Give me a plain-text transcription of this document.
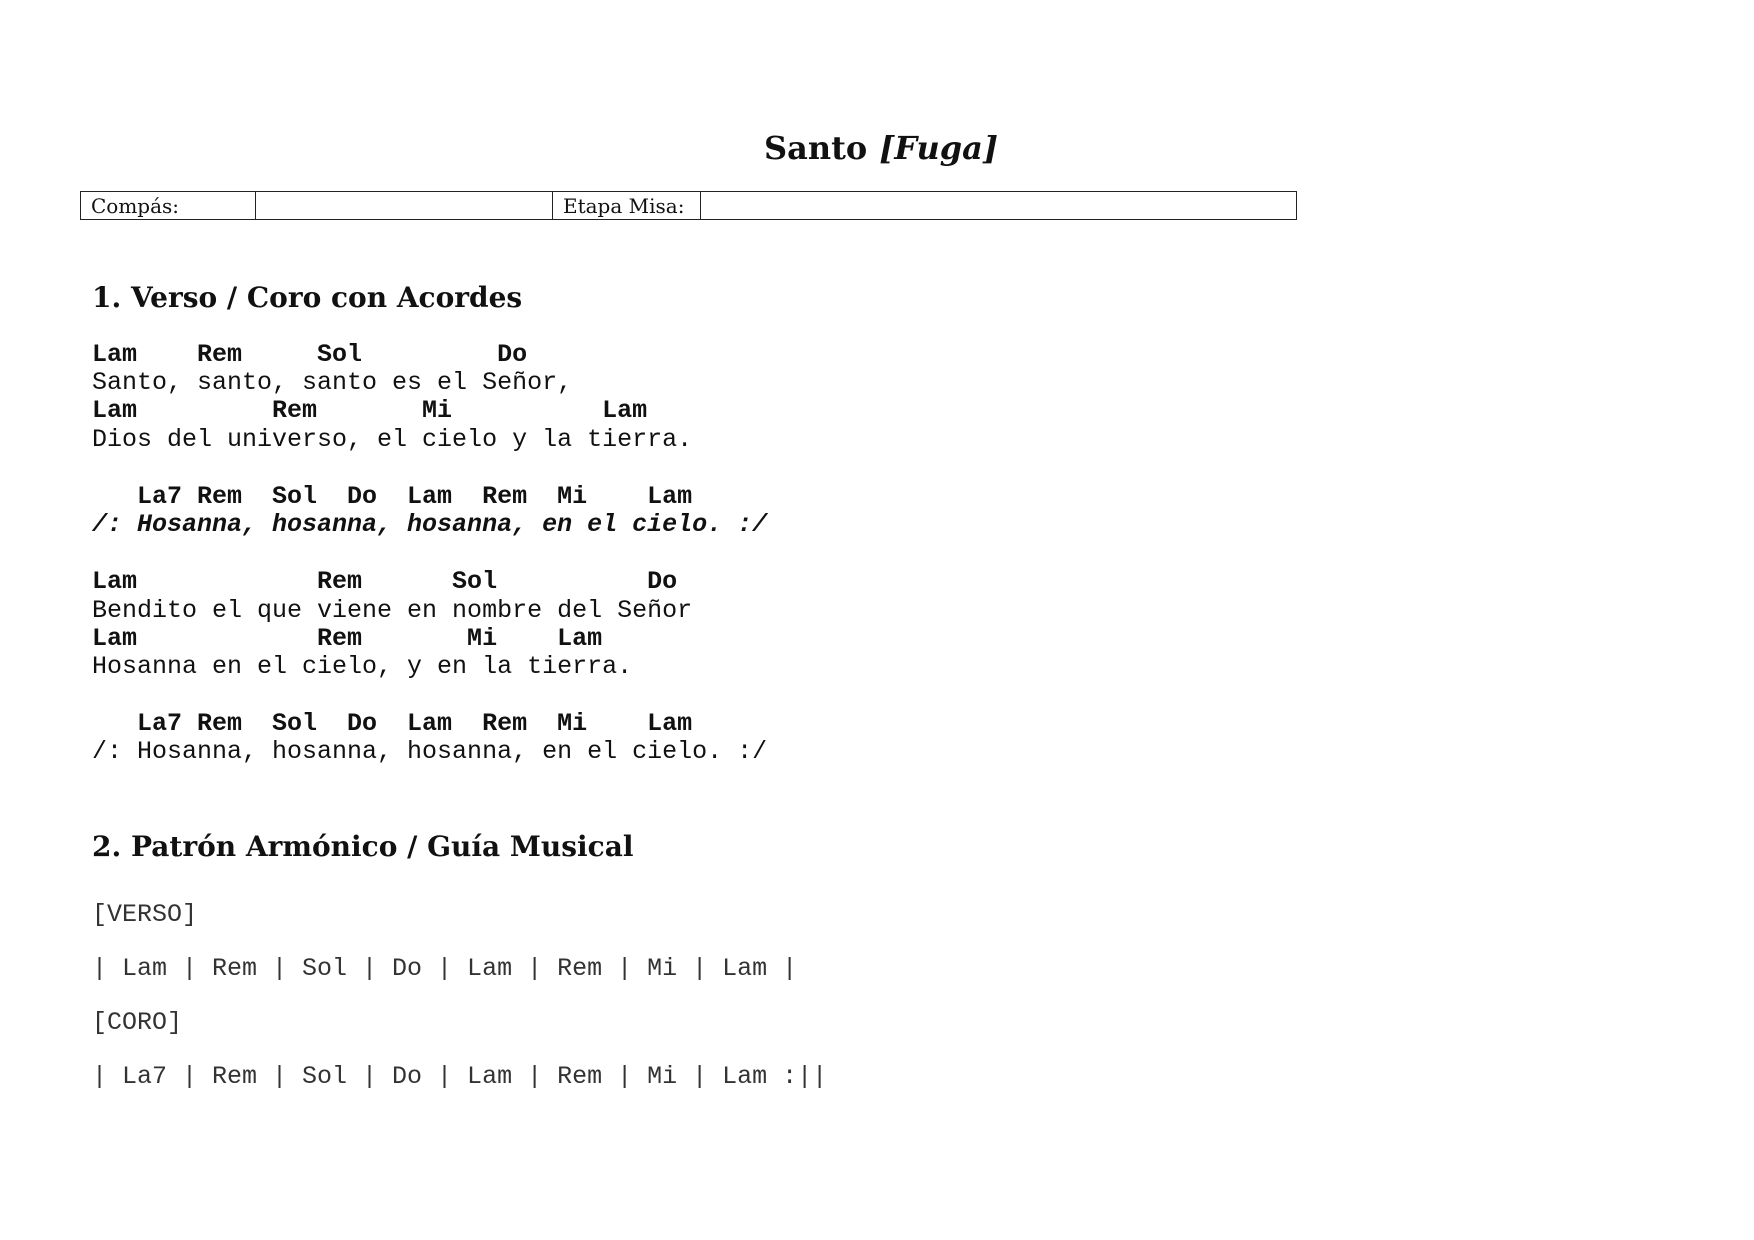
Santo [Fuga]
Compás:		Etapa Misa:	
1. Verso / Coro con Acordes
Lam    Rem     Sol         Do
Santo, santo, santo es el Señor,
Lam         Rem       Mi          Lam
Dios del universo, el cielo y la tierra.
La7 Rem  Sol  Do  Lam  Rem  Mi    Lam
/: Hosanna, hosanna, hosanna, en el cielo. :/
Lam            Rem      Sol          Do
Bendito el que viene en nombre del Señor
Lam            Rem       Mi    Lam
Hosanna en el cielo, y en la tierra.
La7 Rem  Sol  Do  Lam  Rem  Mi    Lam
/: Hosanna, hosanna, hosanna, en el cielo. :/
2. Patrón Armónico / Guía Musical
[VERSO]
| Lam | Rem | Sol | Do | Lam | Rem | Mi | Lam |
[CORO]
| La7 | Rem | Sol | Do | Lam | Rem | Mi | Lam :||
